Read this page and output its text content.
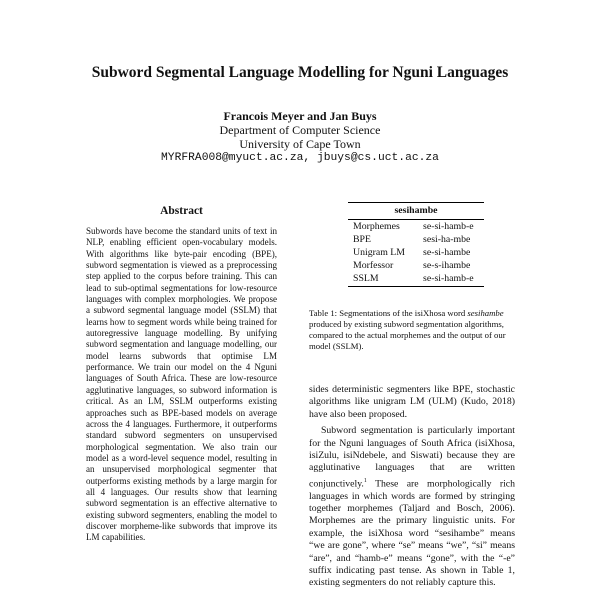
Subword Segmental Language Modelling for Nguni Languages
Francois Meyer and Jan Buys
Department of Computer Science
University of Cape Town
MYRFRA008@myuct.ac.za, jbuys@cs.uct.ac.za
Abstract
Subwords have become the standard units of text in NLP, enabling efficient open-vocabulary models. With algorithms like byte-pair encoding (BPE), subword segmentation is viewed as a preprocessing step applied to the corpus before training. This can lead to sub-optimal segmentations for low-resource languages with complex morphologies. We propose a subword segmental language model (SSLM) that learns how to segment words while being trained for autoregressive language modelling. By unifying subword segmentation and language modelling, our model learns subwords that optimise LM performance. We train our model on the 4 Nguni languages of South Africa. These are low-resource agglutinative languages, so subword information is critical. As an LM, SSLM outperforms existing approaches such as BPE-based models on average across the 4 languages. Furthermore, it outperforms standard subword segmenters on unsupervised morphological segmentation. We also train our model as a word-level sequence model, resulting in an unsupervised morphological segmenter that outperforms existing methods by a large margin for all 4 languages. Our results show that learning subword segmentation is an effective alternative to existing subword segmenters, enabling the model to discover morpheme-like subwords that improve its LM capabilities.
sesihambe	
Morphemes	se-si-hamb-e
BPE	sesi-ha-mbe
Unigram LM	se-si-hambe
Morfessor	se-s-ihambe
SSLM	se-si-hamb-e
Table 1: Segmentations of the isiXhosa word sesihambe produced by existing subword segmentation algorithms, compared to the actual morphemes and the output of our model (SSLM).

sides deterministic segmenters like BPE, stochastic algorithms like unigram LM (ULM) (Kudo, 2018) have also been proposed.

Subword segmentation is particularly important for the Nguni languages of South Africa (isiXhosa, isiZulu, isiNdebele, and Siswati) because they are agglutinative languages that are written conjunctively.$^1$ These are morphologically rich languages in which words are formed by stringing together morphemes (Taljard and Bosch, 2006). Morphemes are the primary linguistic units. For example, the isiXhosa word “sesihambe” means “we are gone”, where “se” means “we”, “si” means “are”, and “hamb-e” means “gone”, with the “-e” suffix indicating past tense. As shown in Table 1, existing segmenters do not reliably capture this.
